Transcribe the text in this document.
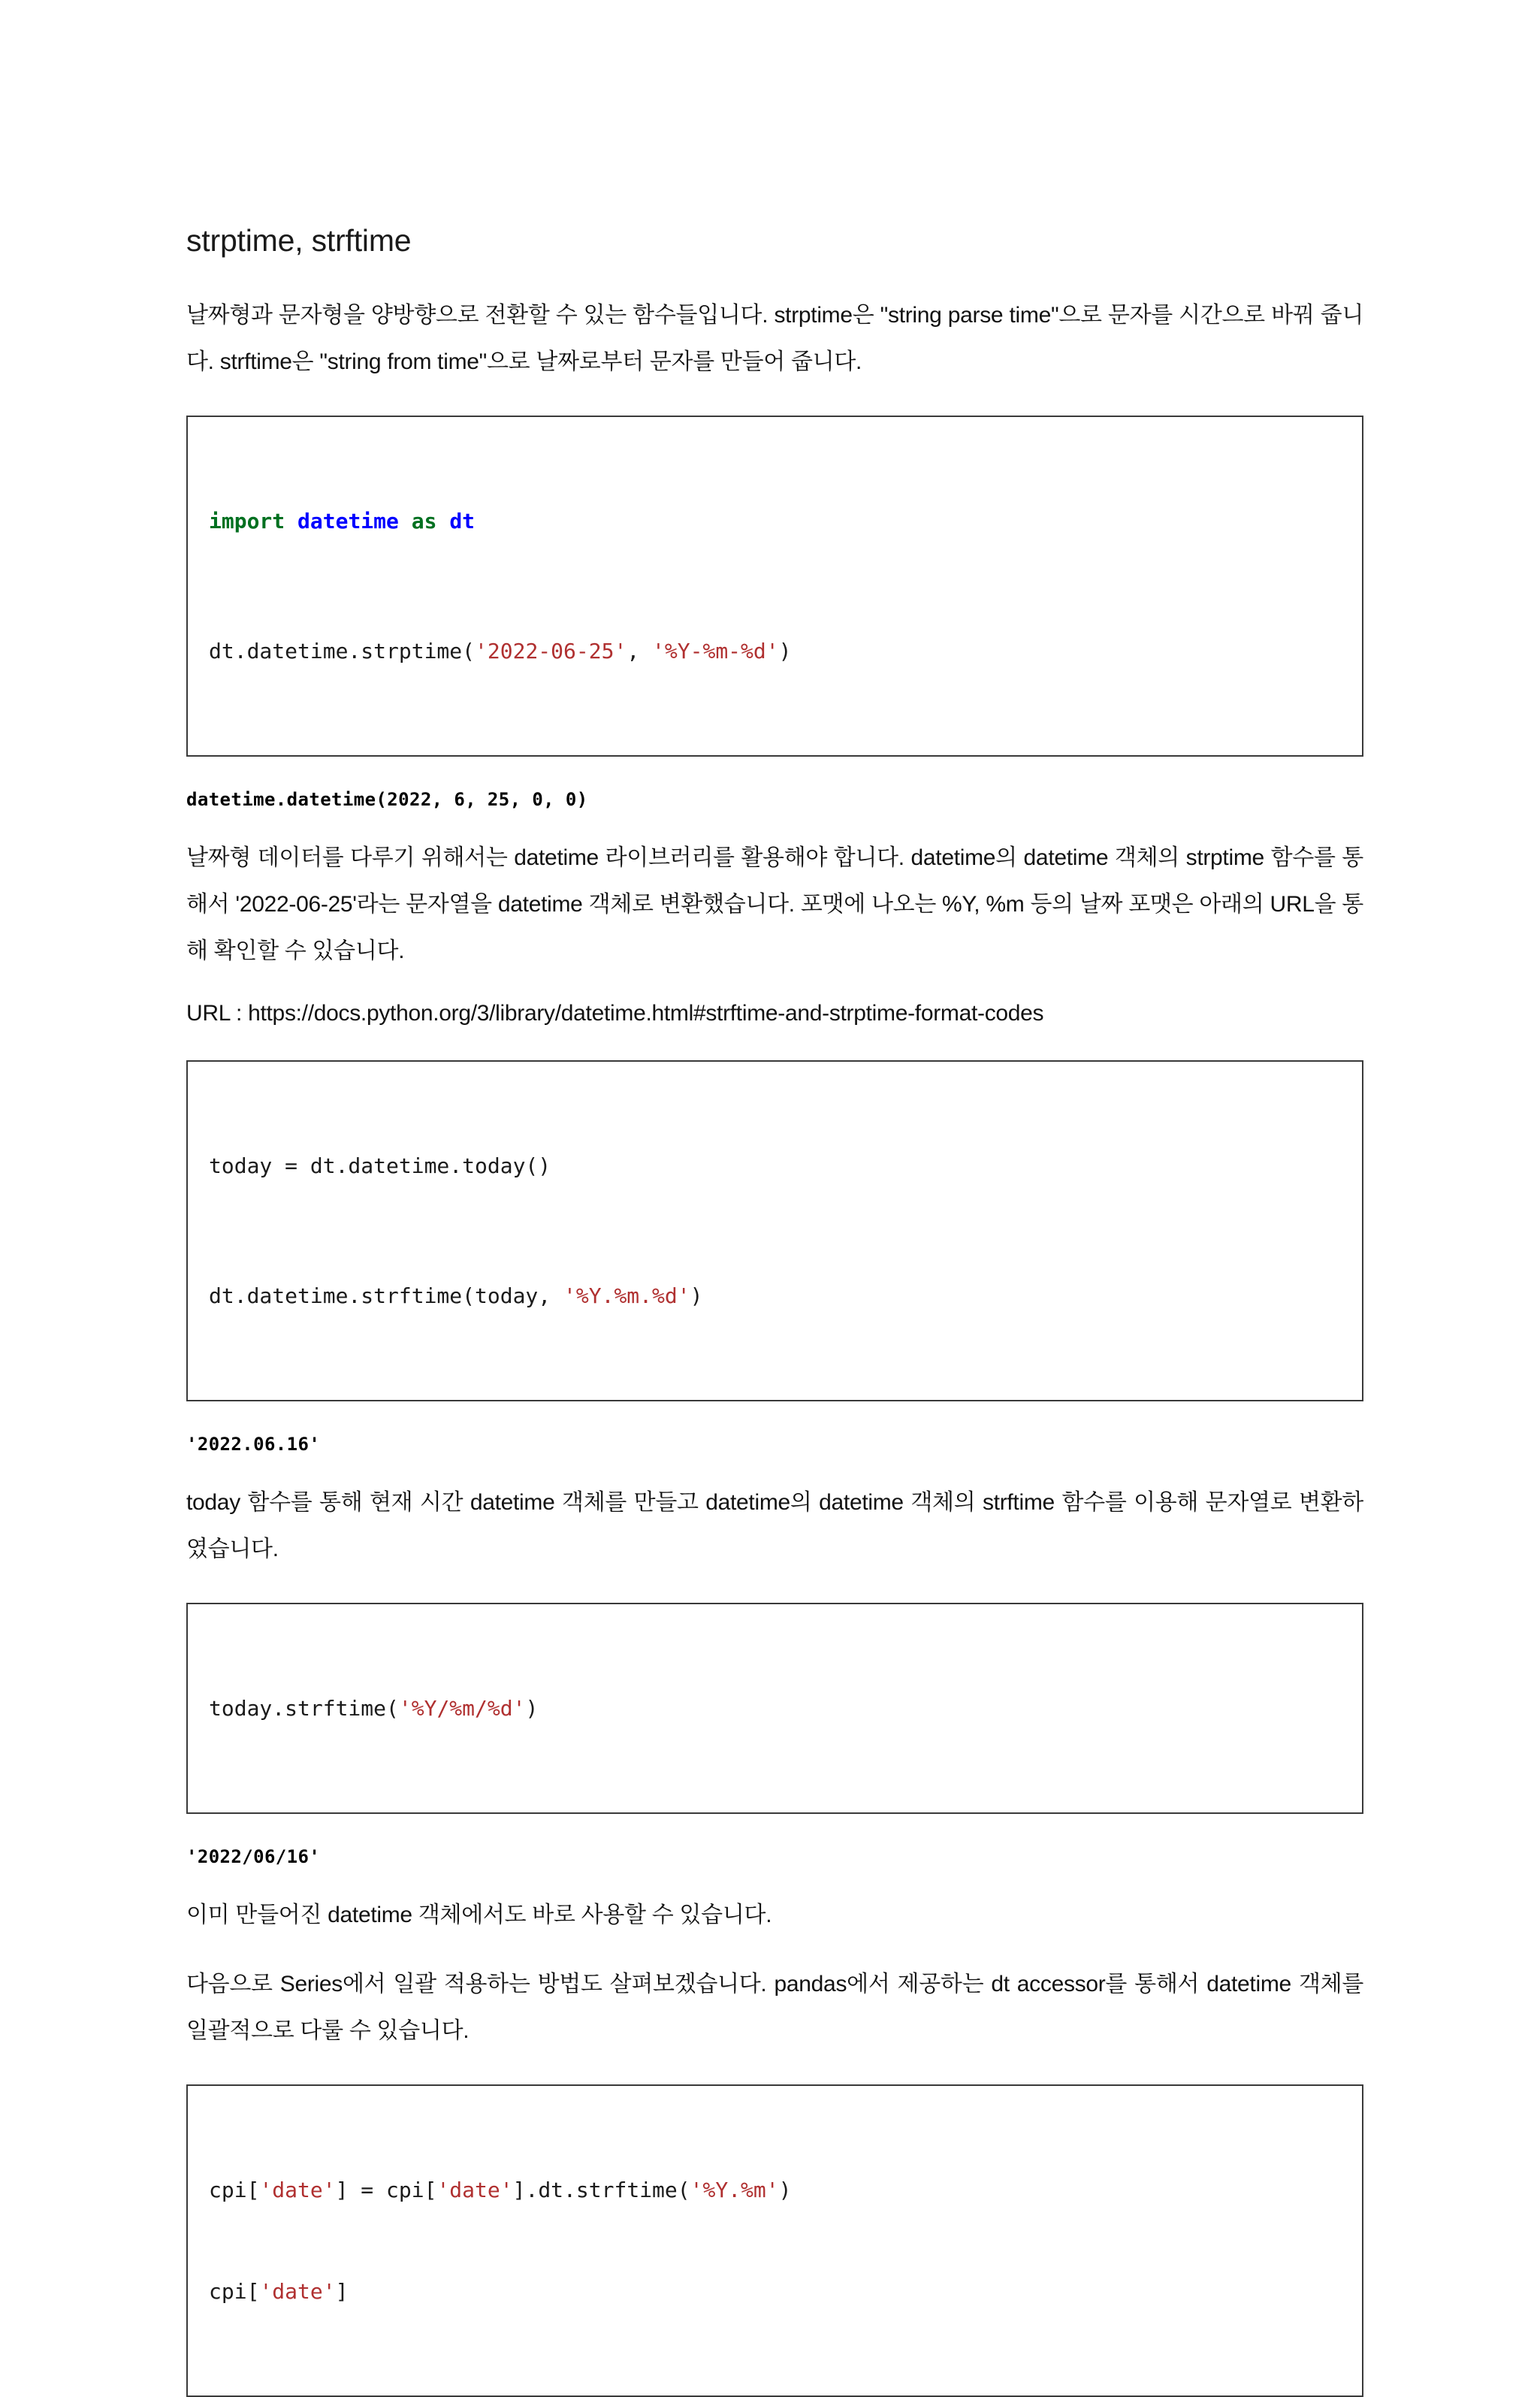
strptime, strftime

날짜형과 문자형을 양방향으로 전환할 수 있는 함수들입니다. strptime은 "string parse time"으로 문자를 시간으로 바꿔 줍니다. strftime은 "string from time"으로 날짜로부터 문자를 만들어 줍니다.

import datetime as dt

dt.datetime.strptime('2022-06-25', '%Y-%m-%d')

datetime.datetime(2022, 6, 25, 0, 0)

날짜형 데이터를 다루기 위해서는 datetime 라이브러리를 활용해야 합니다. datetime의 datetime 객체의 strptime 함수를 통해서 '2022-06-25'라는 문자열을 datetime 객체로 변환했습니다. 포맷에 나오는 %Y, %m 등의 날짜 포맷은 아래의 URL을 통해 확인할 수 있습니다.

URL : https://docs.python.org/3/library/datetime.html#strftime-and-strptime-format-codes

today = dt.datetime.today()

dt.datetime.strftime(today, '%Y.%m.%d')

'2022.06.16'

today 함수를 통해 현재 시간 datetime 객체를 만들고 datetime의 datetime 객체의 strftime 함수를 이용해 문자열로 변환하였습니다.

today.strftime('%Y/%m/%d')

'2022/06/16'

이미 만들어진 datetime 객체에서도 바로 사용할 수 있습니다.

다음으로 Series에서 일괄 적용하는 방법도 살펴보겠습니다. pandas에서 제공하는 dt accessor를 통해서 datetime 객체를 일괄적으로 다룰 수 있습니다.

cpi['date'] = cpi['date'].dt.strftime('%Y.%m')

cpi['date']
